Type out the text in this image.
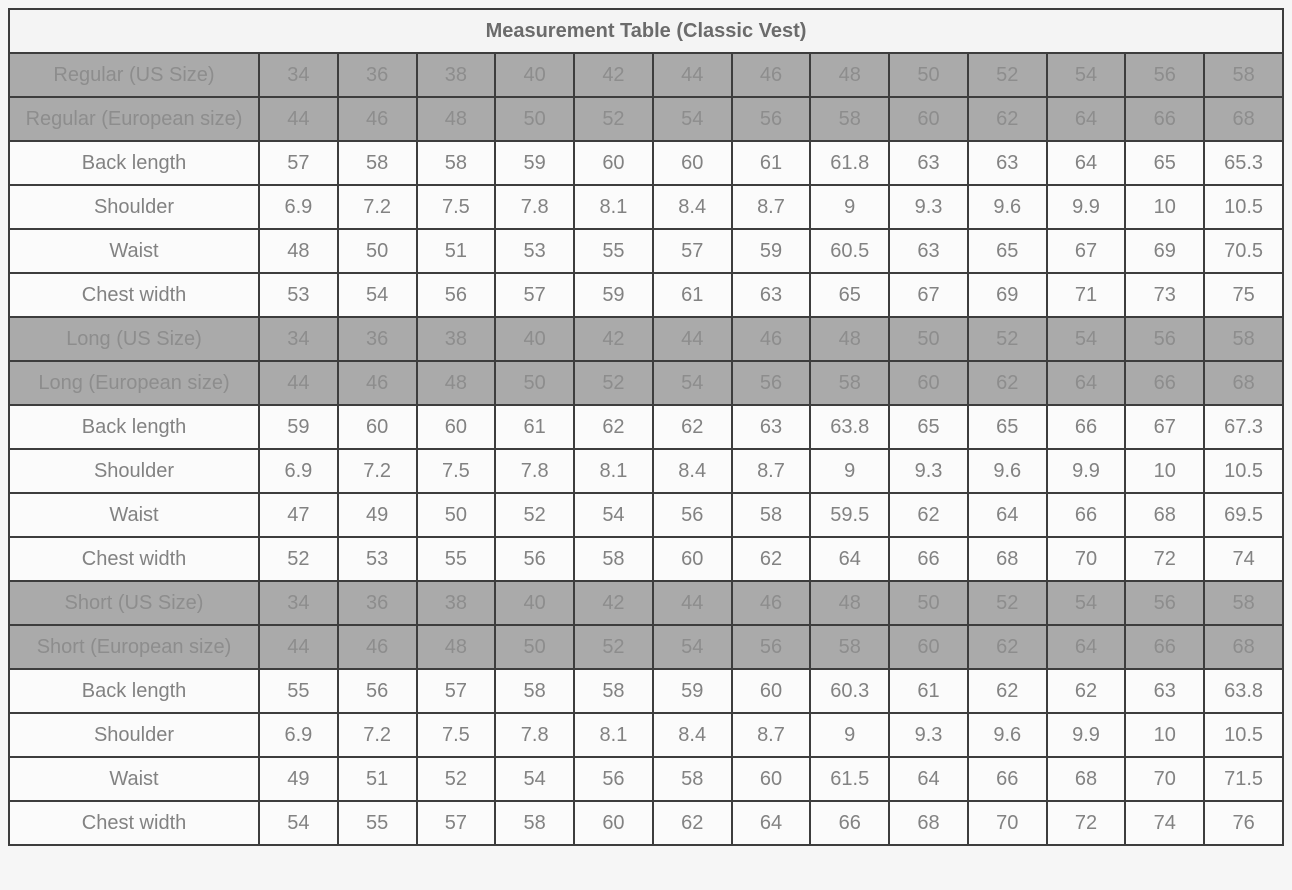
Measurement Table (Classic Vest)													
Regular (US Size)	34	36	38	40	42	44	46	48	50	52	54	56	58
Regular (European size)	44	46	48	50	52	54	56	58	60	62	64	66	68
Back length	57	58	58	59	60	60	61	61.8	63	63	64	65	65.3
Shoulder	6.9	7.2	7.5	7.8	8.1	8.4	8.7	9	9.3	9.6	9.9	10	10.5
Waist	48	50	51	53	55	57	59	60.5	63	65	67	69	70.5
Chest width	53	54	56	57	59	61	63	65	67	69	71	73	75
Long (US Size)	34	36	38	40	42	44	46	48	50	52	54	56	58
Long (European size)	44	46	48	50	52	54	56	58	60	62	64	66	68
Back length	59	60	60	61	62	62	63	63.8	65	65	66	67	67.3
Shoulder	6.9	7.2	7.5	7.8	8.1	8.4	8.7	9	9.3	9.6	9.9	10	10.5
Waist	47	49	50	52	54	56	58	59.5	62	64	66	68	69.5
Chest width	52	53	55	56	58	60	62	64	66	68	70	72	74
Short (US Size)	34	36	38	40	42	44	46	48	50	52	54	56	58
Short (European size)	44	46	48	50	52	54	56	58	60	62	64	66	68
Back length	55	56	57	58	58	59	60	60.3	61	62	62	63	63.8
Shoulder	6.9	7.2	7.5	7.8	8.1	8.4	8.7	9	9.3	9.6	9.9	10	10.5
Waist	49	51	52	54	56	58	60	61.5	64	66	68	70	71.5
Chest width	54	55	57	58	60	62	64	66	68	70	72	74	76
